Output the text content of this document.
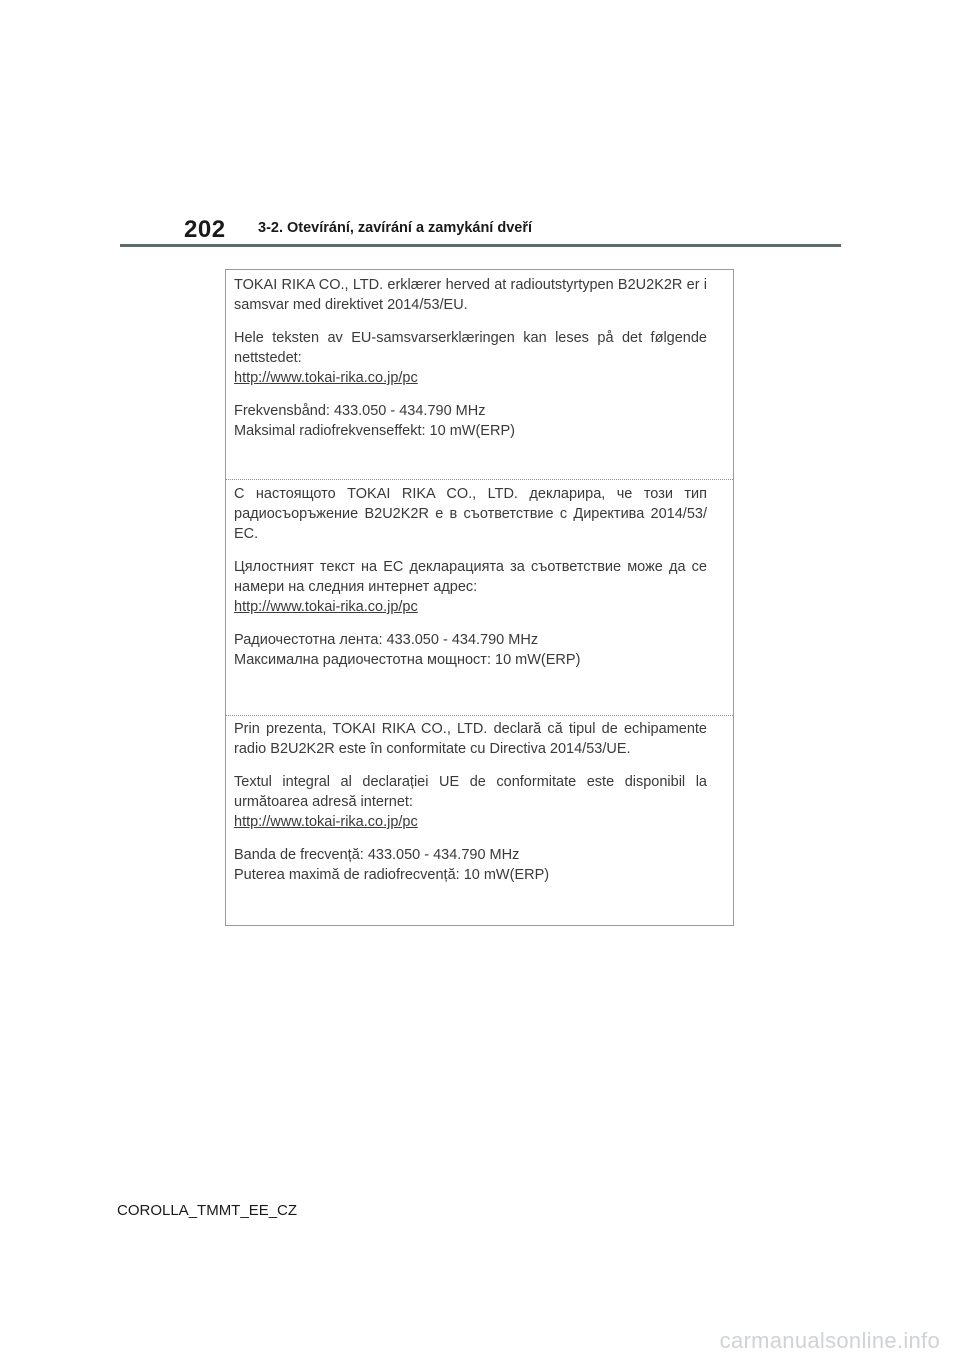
202 3-2. Otevírání, zavírání a zamykání dveří

TOKAI RIKA CO., LTD. erklærer herved at radioutstyrtypen B2U2K2R er i samsvar med direktivet 2014/53/EU.

Hele teksten av EU-samsvarserklæringen kan leses på det følgende nettstedet:

http://www.tokai-rika.co.jp/pc

Frekvensbånd: 433.050 - 434.790 MHz

Maksimal radiofrekvenseffekt: 10 mW(ERP)

С настоящото TOKAI RIKA CO., LTD. декларира, че този тип радиосъоръжение B2U2K2R е в съответствие с Директива 2014/53/ЕС.

Цялостният текст на ЕС декларацията за съответствие може да се намери на следния интернет адрес:

http://www.tokai-rika.co.jp/pc

Радиочестотна лента: 433.050 - 434.790 MHz

Максимална радиочестотна мощност: 10 mW(ERP)

Prin prezenta, TOKAI RIKA CO., LTD. declară că tipul de echipamente radio B2U2K2R este în conformitate cu Directiva 2014/53/UE.

Textul integral al declarației UE de conformitate este disponibil la următoarea adresă internet:

http://www.tokai-rika.co.jp/pc

Banda de frecvență: 433.050 - 434.790 MHz

Puterea maximă de radiofrecvență: 10 mW(ERP)

COROLLA_TMMT_EE_CZ
carmanualsonline.info
